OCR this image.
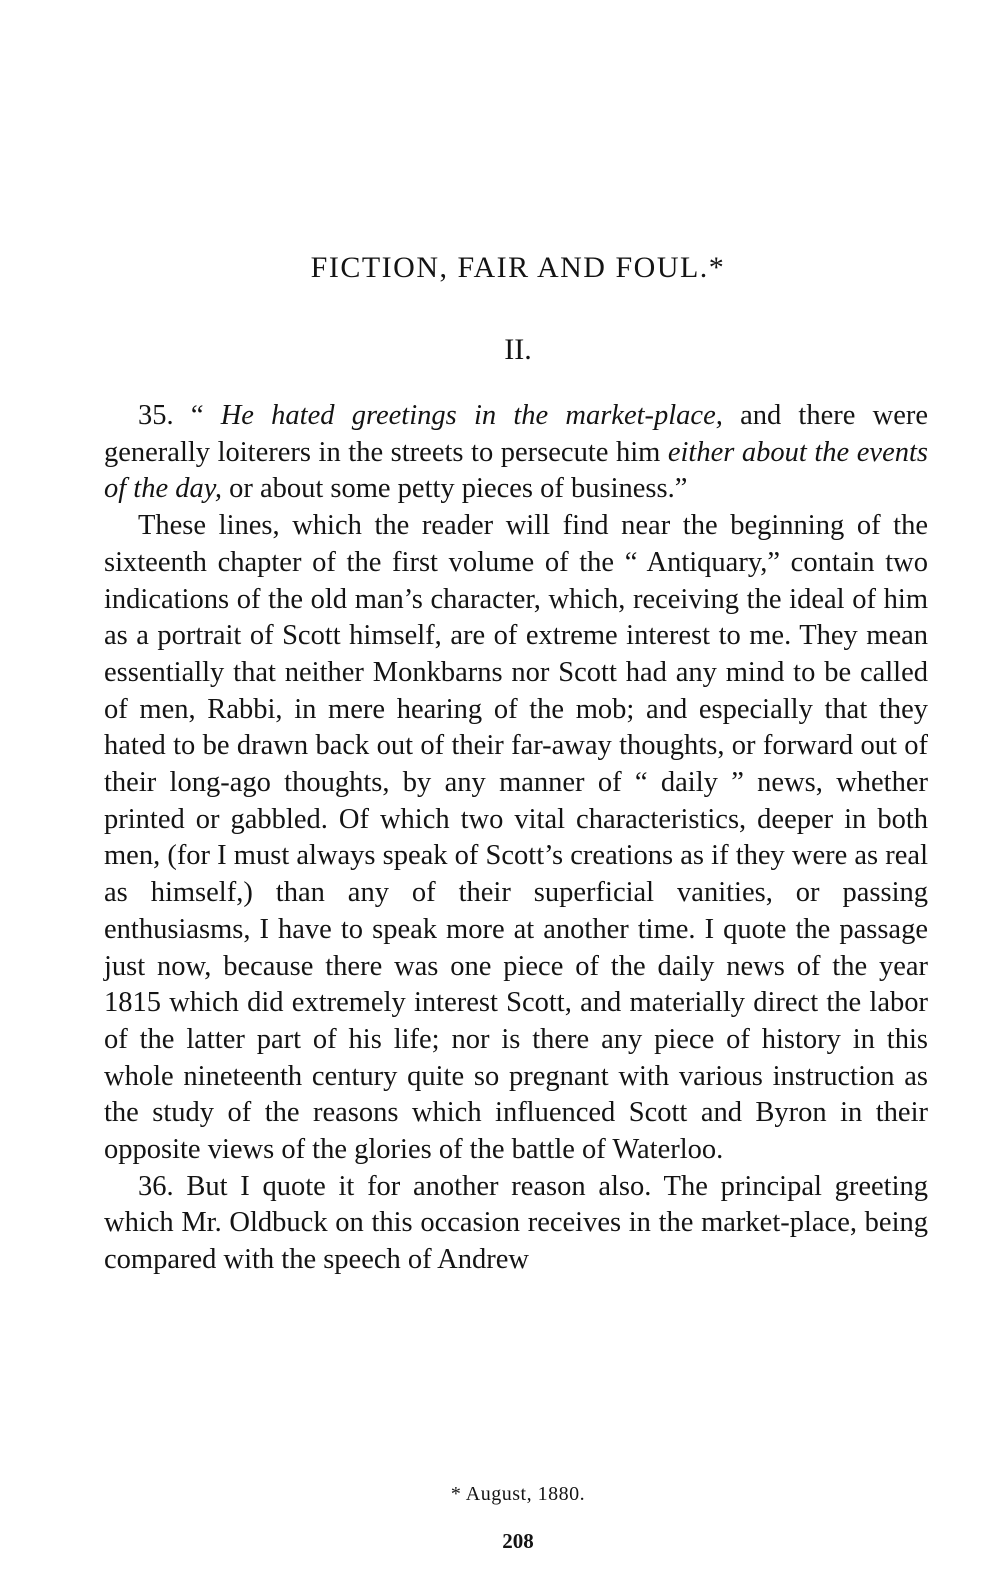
FICTION, FAIR AND FOUL.*
II.

35. “ He hated greetings in the market-place, and there were generally loiterers in the streets to persecute him either about the events of the day, or about some petty pieces of business.”

These lines, which the reader will find near the beginning of the sixteenth chapter of the first volume of the “ Antiquary,” contain two indications of the old man’s character, which, receiving the ideal of him as a portrait of Scott himself, are of extreme interest to me. They mean essentially that neither Monkbarns nor Scott had any mind to be called of men, Rabbi, in mere hearing of the mob; and especially that they hated to be drawn back out of their far-away thoughts, or forward out of their long-ago thoughts, by any manner of “ daily ” news, whether printed or gabbled. Of which two vital characteristics, deeper in both men, (for I must always speak of Scott’s creations as if they were as real as himself,) than any of their superficial vanities, or passing enthusiasms, I have to speak more at another time. I quote the passage just now, because there was one piece of the daily news of the year 1815 which did extremely interest Scott, and materially direct the labor of the latter part of his life; nor is there any piece of history in this whole nineteenth century quite so pregnant with various instruction as the study of the reasons which influenced Scott and Byron in their opposite views of the glories of the battle of Waterloo.

36. But I quote it for another reason also. The principal greeting which Mr. Oldbuck on this occasion receives in the market-place, being compared with the speech of Andrew

* August, 1880.
208
